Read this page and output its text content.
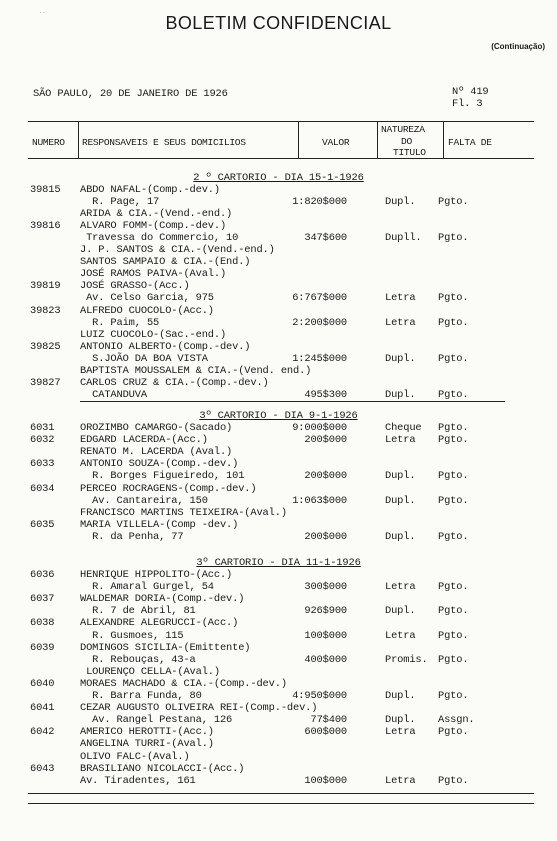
· ·	BOLETIM CONFIDENCIAL
(Continuação)
SÃO PAULO, 20 DE JANEIRO DE 1926	Nº 419
Fl. 3
NUMERO RESPONSAVEIS E SEUS DOMICILIOS	VALOR
NATUREZA
DO
TITULO
FALTA DE
2 º CARTORIO - DIA 15-1-1926
3º CARTORIO - DIA 9-1-1926
3º CARTORIO - DIA 11-1-1926
39815	ABDO NAFAL-(Comp.-dev.)
R. Page, 17	1:820$000	Dupl. Pgto.
ARIDA & CIA.-(Vend.-end.)
39816	ALVARO FOMM-(Comp.-dev.)
Travessa do Commercio, 10	347$600	Dupll. Pgto.
J. P. SANTOS & CIA.-(Vend.-end.)
SANTOS SAMPAIO & CIA.-(End.)
JOSÉ RAMOS PAIVA-(Aval.)
39819	JOSÉ GRASSO-(Acc.)
Av. Celso Garcia, 975	6:767$000	Letra Pgto.
39823	ALFREDO CUOCOLO-(Acc.)
R. Paim, 55	2:200$000	Letra Pgto.
LUIZ CUOCOLO-(Sac.-end.)
39825	ANTONIO ALBERTO-(Comp.-dev.)
S.JOÃO DA BOA VISTA	1:245$000	Dupl. Pgto.
BAPTISTA MOUSSALEM & CIA.-(Vend. end.)
39827	CARLOS CRUZ & CIA.-(Comp.-dev.)
CATANDUVA	495$300	Dupl. Pgto.
6031	OROZIMBO CAMARGO-(Sacado)	9:000$000	Cheque Pgto.
6032	EDGARD LACERDA-(Acc.)	200$000	Letra Pgto.
RENATO M. LACERDA (Aval.)
6033	ANTONIO SOUZA-(Comp.-dev.)
R. Borges Figueiredo, 101	200$000	Dupl. Pgto.
6034	PERCEO ROCRAGENS-(Comp.-dev.)
Av. Cantareira, 150	1:063$000	Dupl. Pgto.
FRANCISCO MARTINS TEIXEIRA-(Aval.)
6035	MARIA VILLELA-(Comp -dev.)
R. da Penha, 77	200$000	Dupl. Pgto.
6036	HENRIQUE HIPPOLITO-(Acc.)
R. Amaral Gurgel, 54	300$000	Letra Pgto.
6037	WALDEMAR DORIA-(Comp.-dev.)
R. 7 de Abril, 81	926$900	Dupl. Pgto.
6038	ALEXANDRE ALEGRUCCI-(Acc.)
R. Gusmoes, 115	100$000	Letra Pgto.
6039	DOMINGOS SICILIA-(Emittente)
R. Rebouças, 43-a	400$000	Promis. Pgto.
LOURENÇO CELLA-(Aval.)
6040	MORAES MACHADO & CIA.-(Comp.-dev.)
R. Barra Funda, 80	4:950$000	Dupl. Pgto.
6041	CEZAR AUGUSTO OLIVEIRA REI-(Comp.-dev.)
Av. Rangel Pestana, 126	77$400	Dupl. Assgn.
6042	AMERICO HEROTTI-(Acc.)	600$000	Letra Pgto.
ANGELINA TURRI-(Aval.)
OLIVO FALC-(Aval.)
6043	BRASILIANO NICOLACCI-(Acc.)
Av. Tiradentes, 161	100$000	Letra Pgto.
